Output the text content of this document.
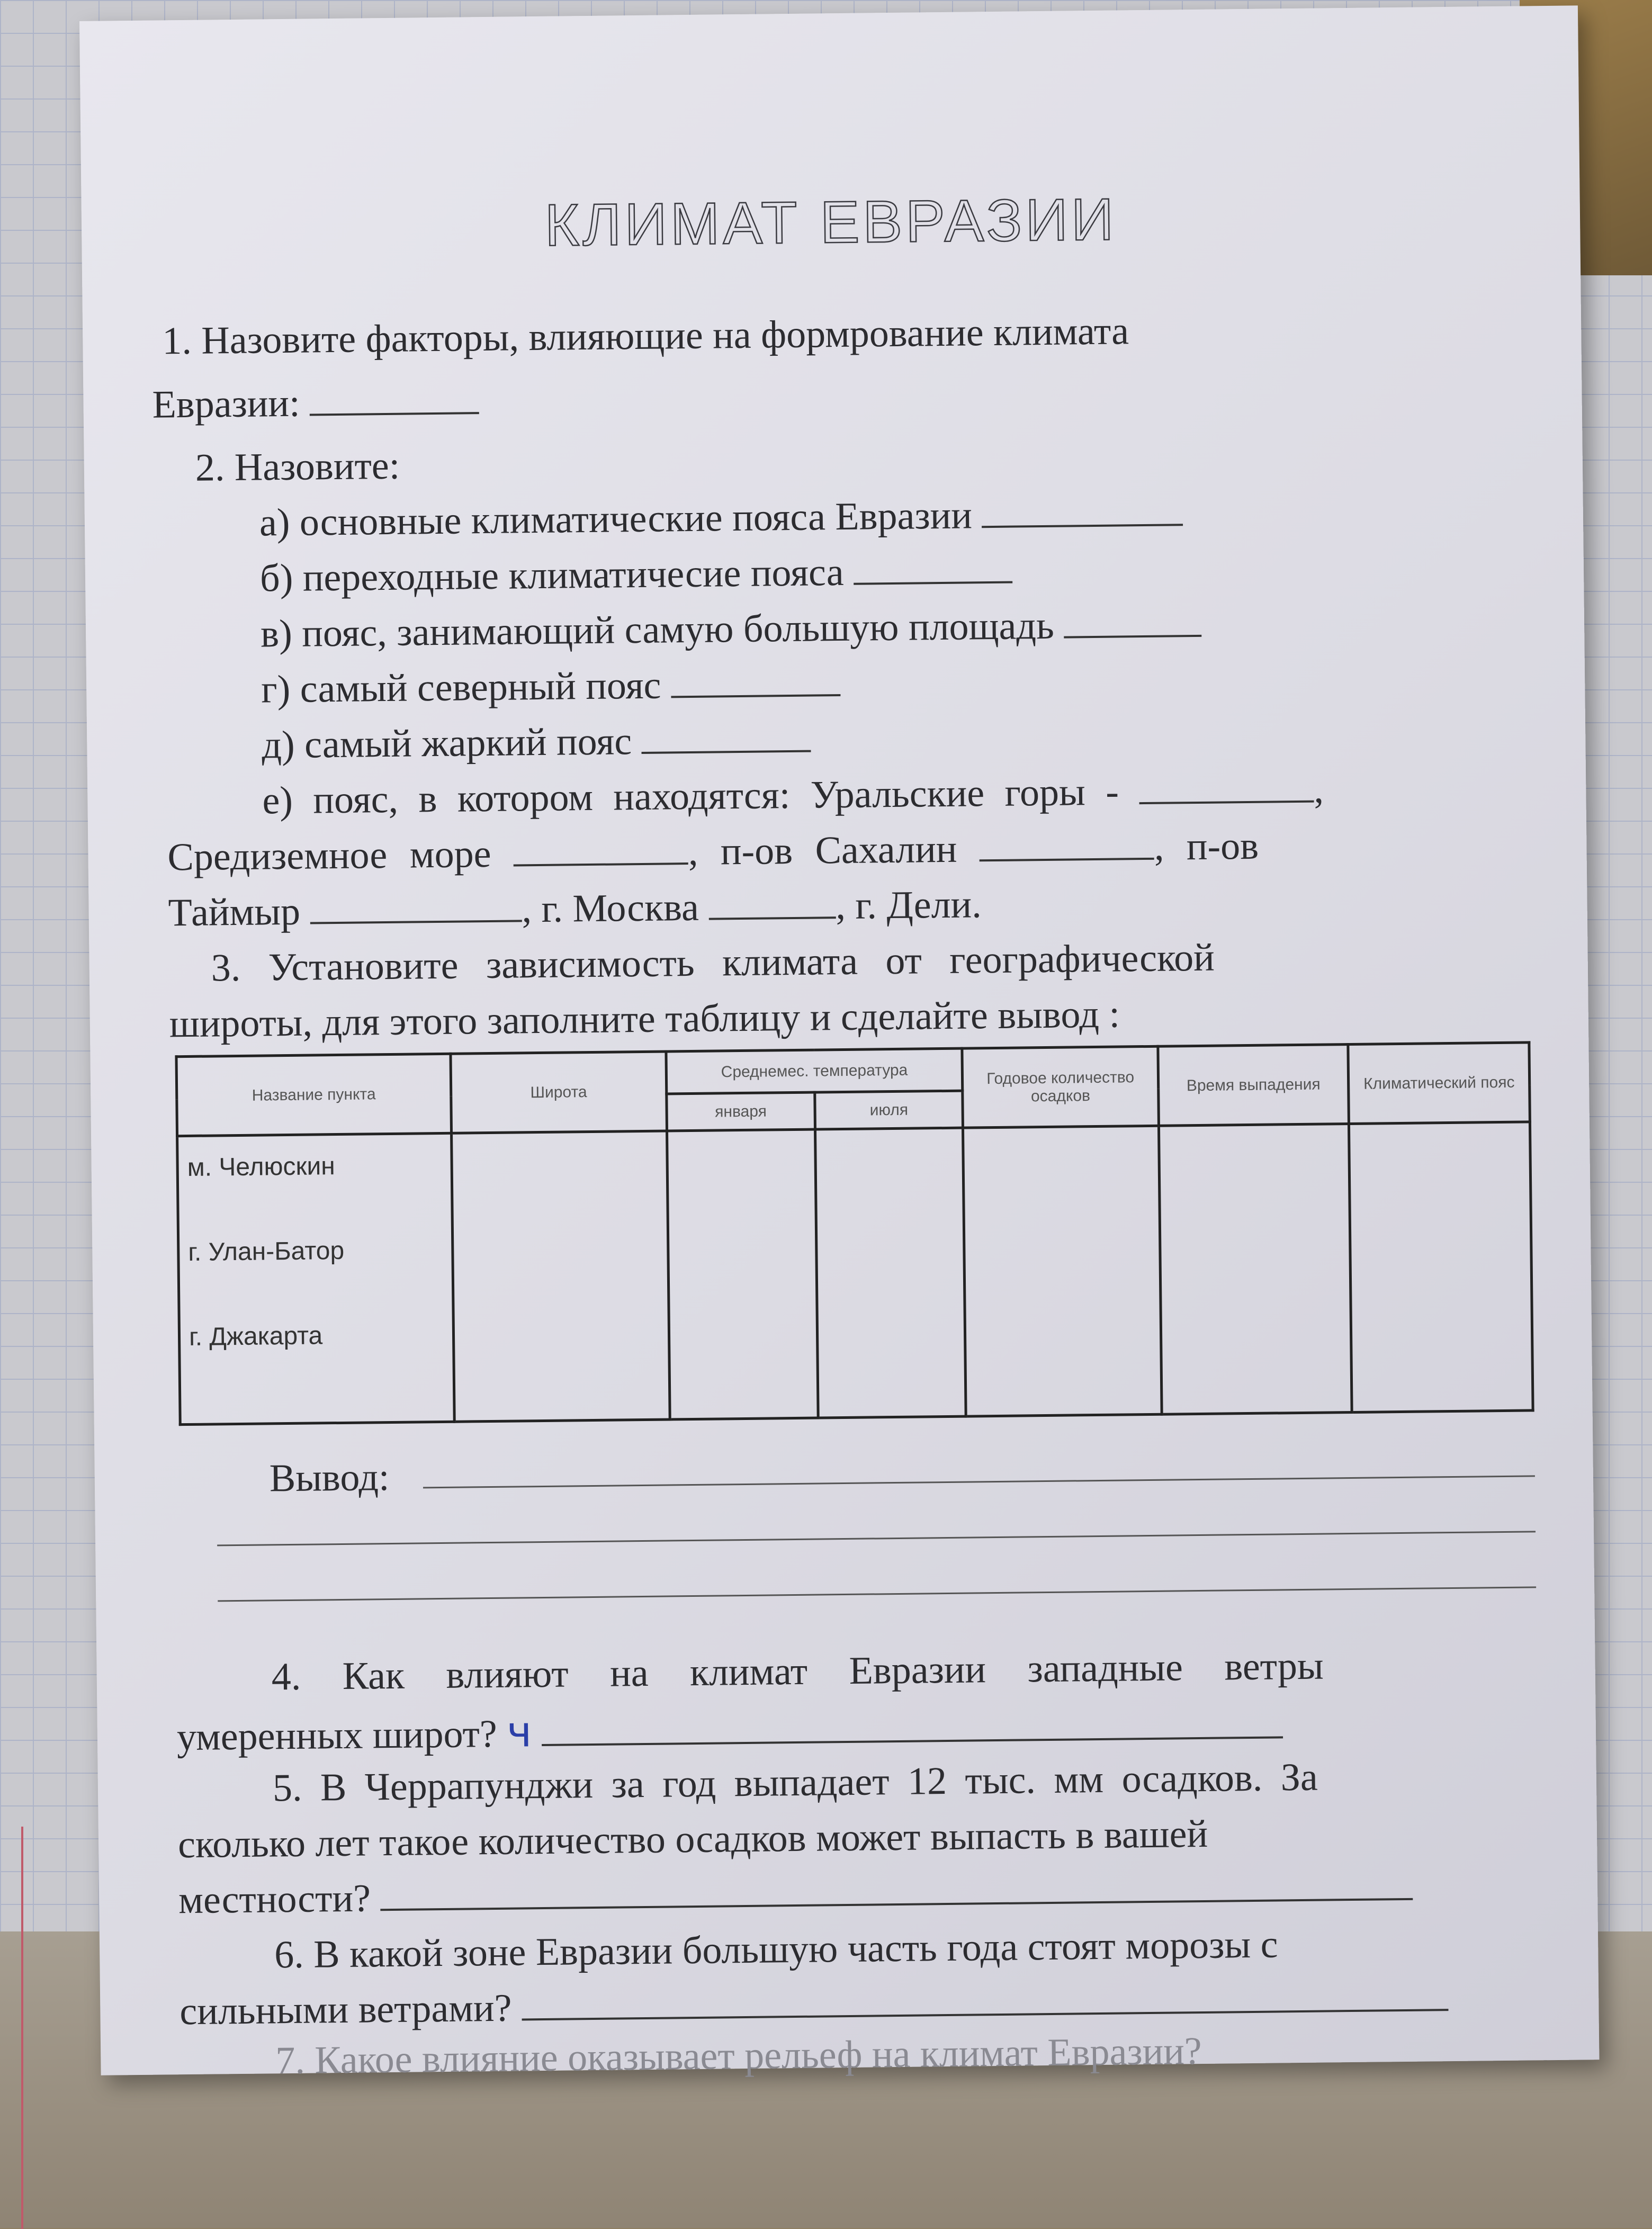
КЛИМАТ ЕВРАЗИИ
1. Назовите факторы, влияющие на формрование климата
Евразии:
2. Назовите:
а) основные климатические пояса Евразии
б) переходные климатичесие пояса
в) пояс, занимающий самую большую площадь
г) самый северный пояс
д) самый жаркий пояс
е) пояс, в котором находятся: Уральские горы -	,
Средиземное море	, п-ов Сахалин	, п-ов
Таймыр	, г. Москва	, г. Дели.
3. Установите зависимость климата от географической
широты, для этого заполните таблицу и сделайте вывод :
Название пункта	Широта	Среднемес. температура		Годовое количество осадков	Время выпадения	Климатический пояс
		января	июля			

м. Челюскин
г. Улан-Батор
г. Джакарта						

Вывод:
4. Как влияют на климат Евразии западные ветры
умеренных широт? ч
5. В Черрапунджи за год выпадает 12 тыс. мм осадков. За
сколько лет такое количество осадков может выпасть в вашей
местности?
6. В какой зоне Евразии большую часть года стоят морозы с
сильными ветрами?
7. Какое влияние оказывает рельеф на климат Евразии?
